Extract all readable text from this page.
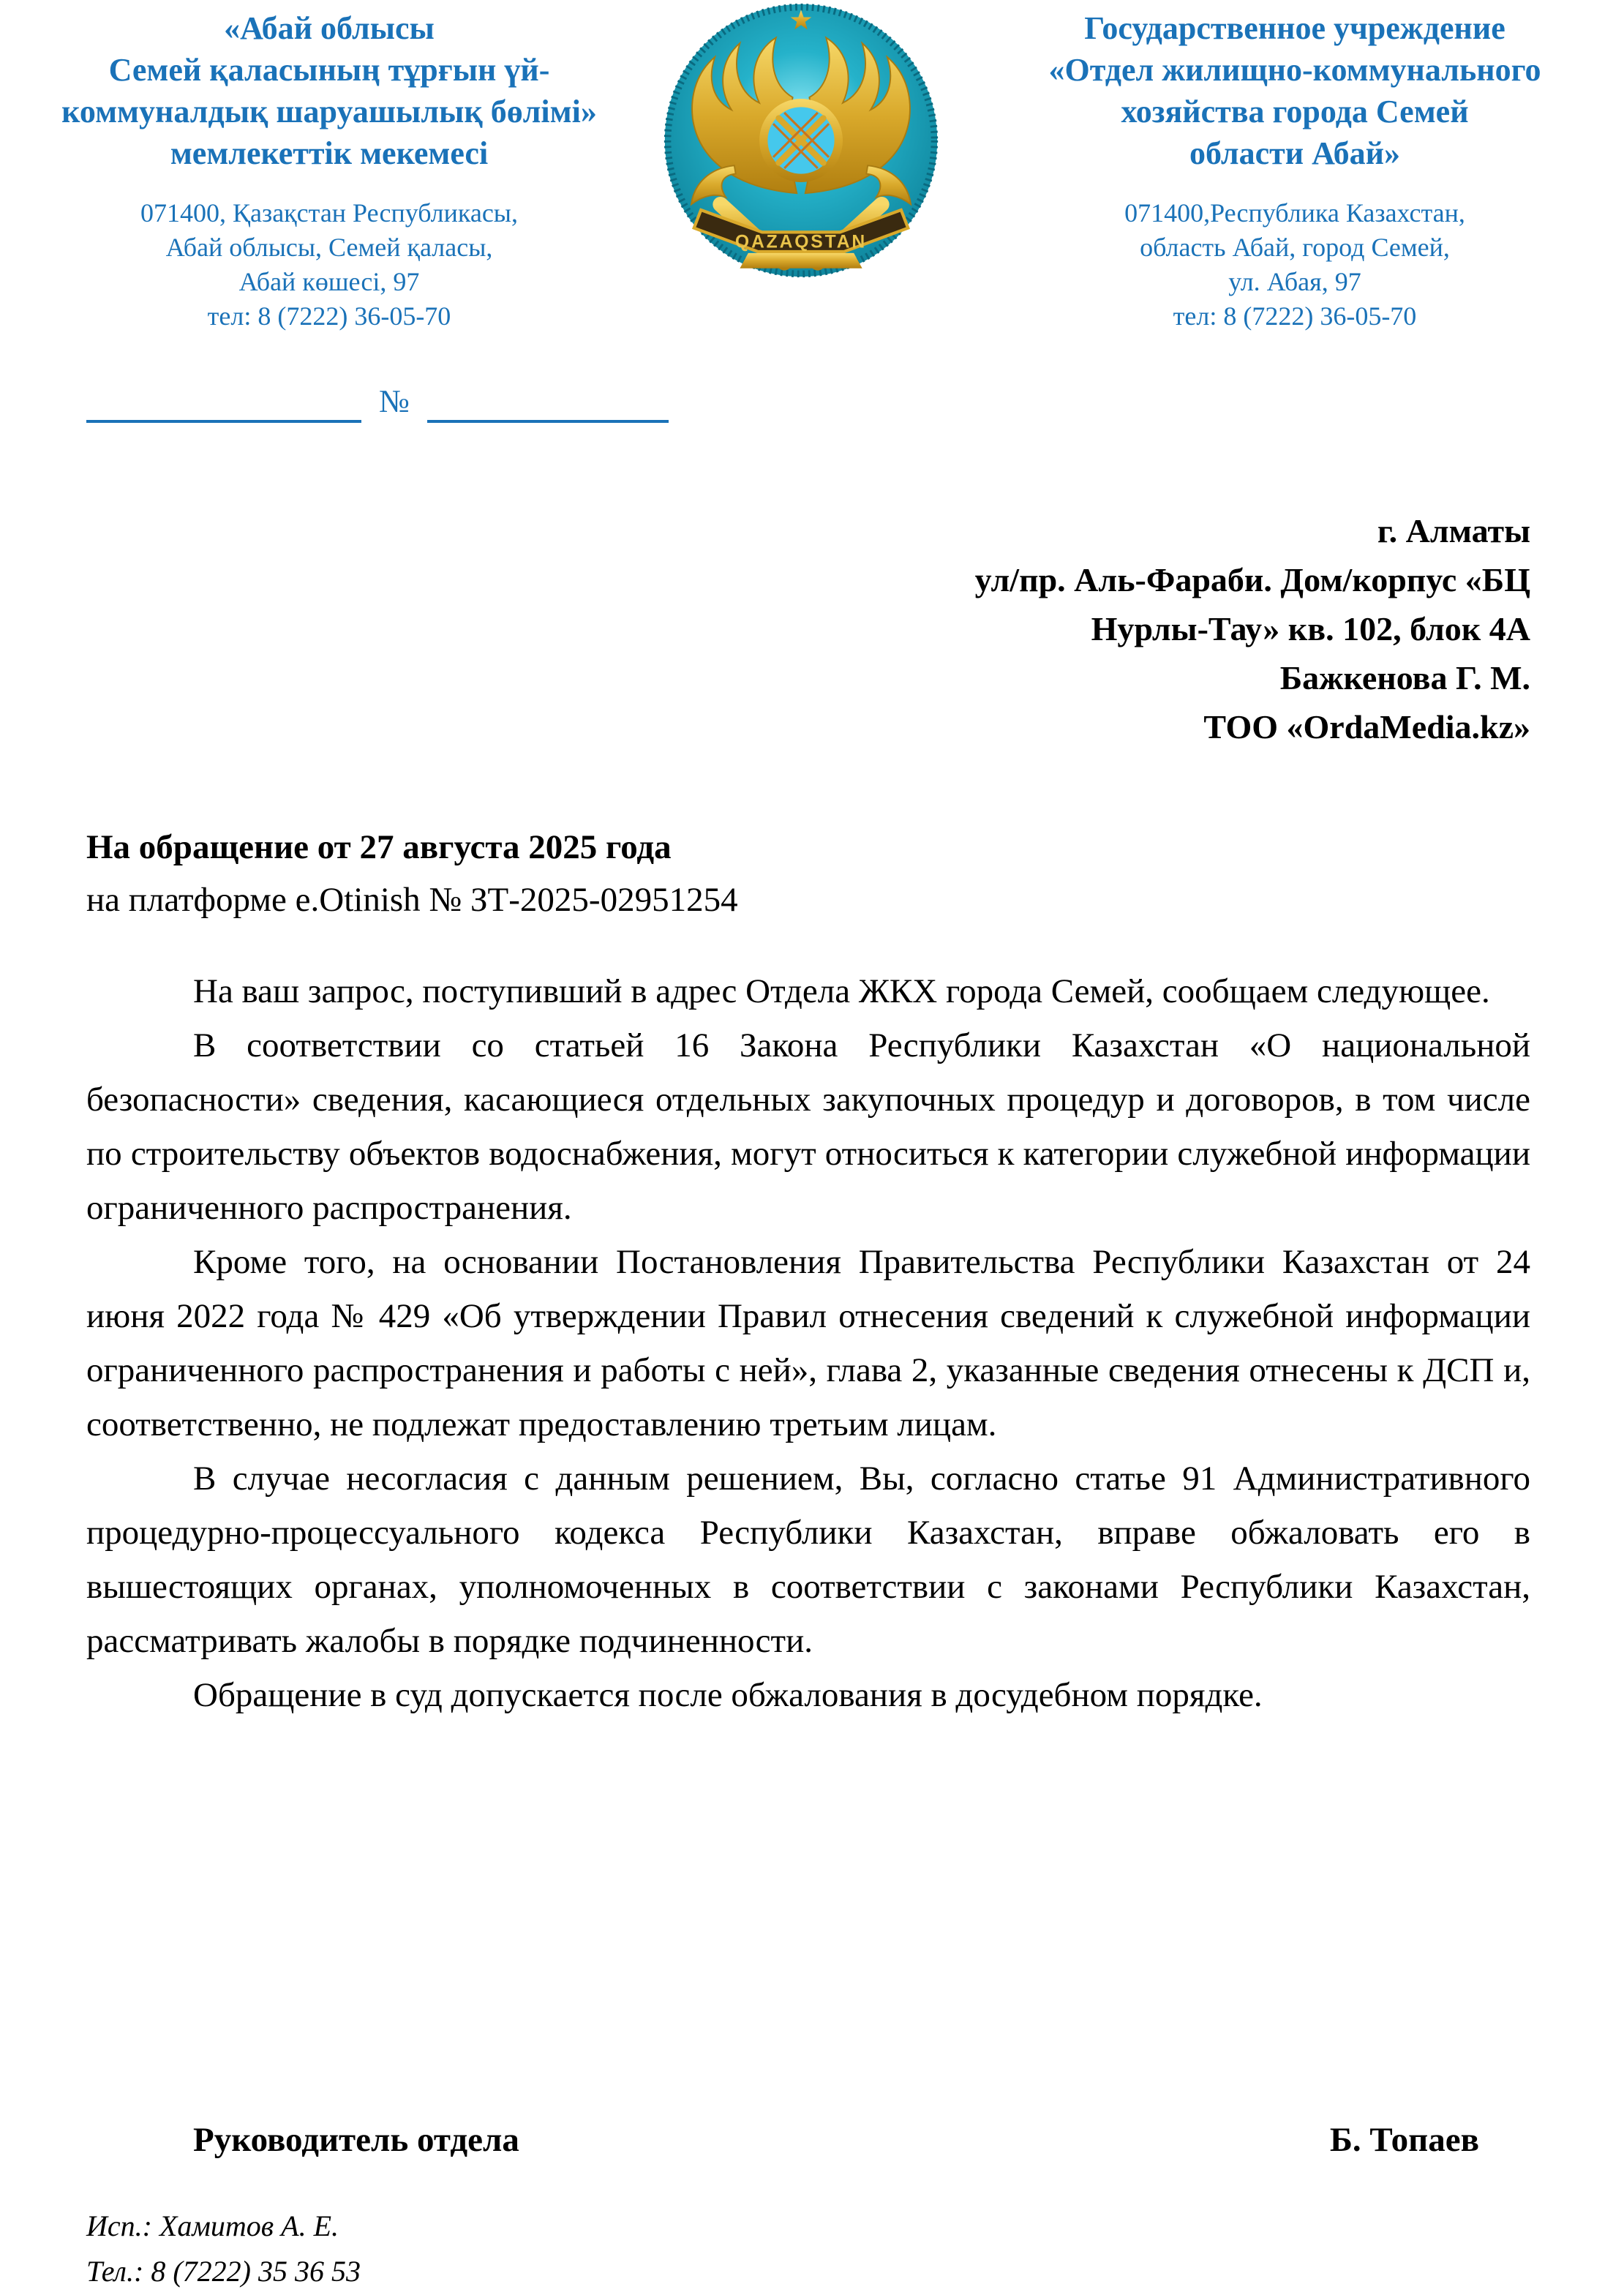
«Абай облысы
Семей қаласының тұрғын үй-
коммуналдық шаруашылық бөлімі»
мемлекеттік мекемесі
QAZAQSTAN
Государственное учреждение
«Отдел жилищно-коммунального
хозяйства города Семей
области Абай»
071400, Қазақстан Республикасы,
Абай облысы, Семей қаласы,
Абай көшесі, 97
тел: 8 (7222) 36-05-70
071400,Республика Казахстан,
область Абай, город Семей,
ул. Абая, 97
тел: 8 (7222) 36-05-70
№
г. Алматы
ул/пр. Аль-Фараби. Дом/корпус «БЦ
Нурлы-Тау» кв. 102, блок 4А
Бажкенова Г. М.
ТОО «OrdaMedia.kz»
На обращение от 27 августа 2025 года
на платформе e.Otinish № ЗТ-2025-02951254

На ваш запрос, поступивший в адрес Отдела ЖКХ города Семей, сообщаем следующее.

В соответствии со статьей 16 Закона Республики Казахстан «О национальной безопасности» сведения, касающиеся отдельных закупочных процедур и договоров, в том числе по строительству объектов водоснабжения, могут относиться к категории служебной информации ограниченного распространения.

Кроме того, на основании Постановления Правительства Республики Казахстан от 24 июня 2022 года № 429 «Об утверждении Правил отнесения сведений к служебной информации ограниченного распространения и работы с ней», глава 2, указанные сведения отнесены к ДСП и, соответственно, не подлежат предоставлению третьим лицам.

В случае несогласия с данным решением, Вы, согласно статье 91 Административного процедурно-процессуального кодекса Республики Казахстан, вправе обжаловать его в вышестоящих органах, уполномоченных в соответствии с законами Республики Казахстан, рассматривать жалобы в порядке подчиненности.

Обращение в суд допускается после обжалования в досудебном порядке.

Руководитель отдела	Б. Топаев
Исп.: Хамитов А. Е.
Тел.: 8 (7222) 35 36 53
